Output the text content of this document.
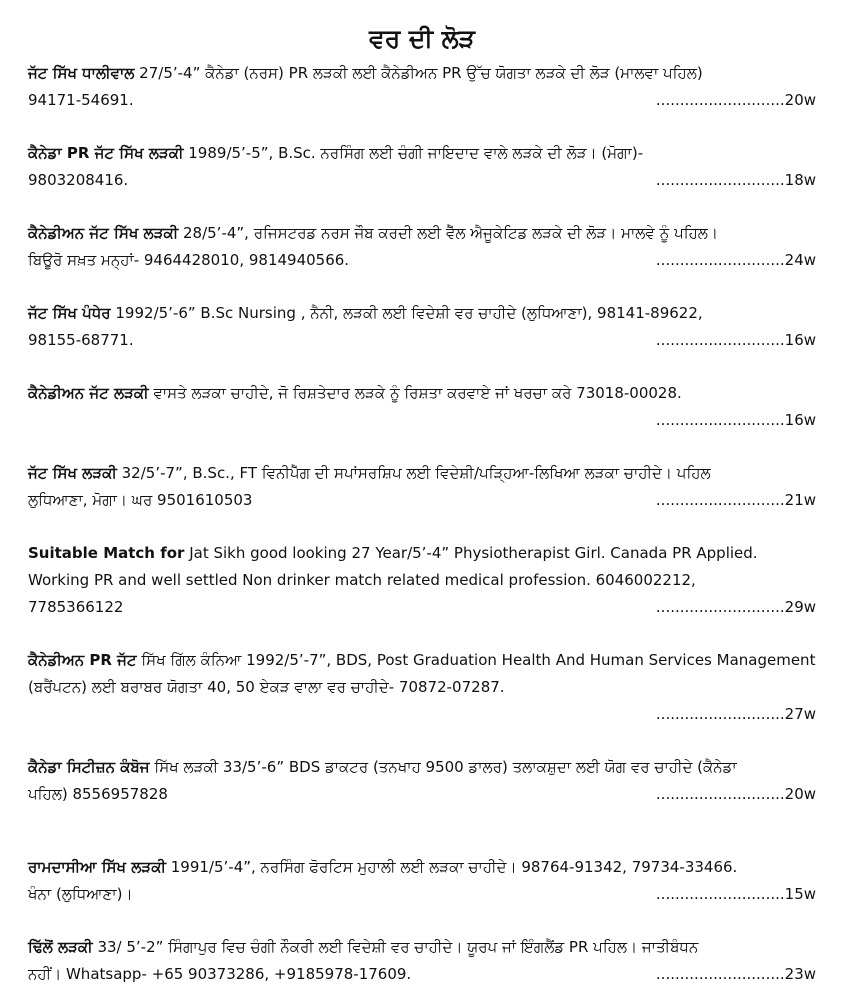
ਵਰ ਦੀ ਲੋੜ
ਜੱਟ ਸਿੱਖ ਧਾਲੀਵਾਲ 27/5’-4” ਕੈਨੇਡਾ (ਨਰਸ) PR ਲੜਕੀ ਲਈ ਕੈਨੇਡੀਅਨ PR ਉੱਚ ਯੋਗਤਾ ਲੜਕੇ ਦੀ ਲੋੜ (ਮਾਲਵਾ ਪਹਿਲ)
94171-54691.	...........................20w
ਕੈਨੇਡਾ PR ਜੱਟ ਸਿੱਖ ਲੜਕੀ 1989/5’-5”, B.Sc. ਨਰਸਿੰਗ ਲਈ ਚੰਗੀ ਜਾਇਦਾਦ ਵਾਲੇ ਲੜਕੇ ਦੀ ਲੋੜ। (ਮੋਗਾ)-
9803208416.	...........................18w
ਕੈਨੇਡੀਅਨ ਜੱਟ ਸਿੱਖ ਲੜਕੀ 28/5’-4”, ਰਜਿਸਟਰਡ ਨਰਸ ਜੌਬ ਕਰਦੀ ਲਈ ਵੈੱਲ ਐਜੂਕੇਟਿਡ ਲੜਕੇ ਦੀ ਲੋੜ। ਮਾਲਵੇ ਨੂੰ ਪਹਿਲ।
ਬਿਊਰੋ ਸਖ਼ਤ ਮਨ੍ਹਾਂ- 9464428010, 9814940566.	...........................24w
ਜੱਟ ਸਿੱਖ ਪੰਧੇਰ 1992/5’-6” B.Sc Nursing , ਨੈਨੀ, ਲੜਕੀ ਲਈ ਵਿਦੇਸ਼ੀ ਵਰ ਚਾਹੀਦੇ (ਲੁਧਿਆਣਾ), 98141-89622,
98155-68771.	...........................16w
ਕੈਨੇਡੀਅਨ ਜੱਟ ਲੜਕੀ ਵਾਸਤੇ ਲੜਕਾ ਚਾਹੀਦੇ, ਜੋ ਰਿਸ਼ਤੇਦਾਰ ਲੜਕੇ ਨੂੰ ਰਿਸ਼ਤਾ ਕਰਵਾਏ ਜਾਂ ਖਰਚਾ ਕਰੇ 73018-00028.
...........................16w
ਜੱਟ ਸਿੱਖ ਲੜਕੀ 32/5’-7”, B.Sc., FT ਵਿਨੀਪੈੱਗ ਦੀ ਸਪਾਂਸਰਸ਼ਿਪ ਲਈ ਵਿਦੇਸ਼ੀ/ਪੜ੍ਹਿਆ-ਲਿਖਿਆ ਲੜਕਾ ਚਾਹੀਦੇ। ਪਹਿਲ
ਲੁਧਿਆਣਾ, ਮੋਗਾ। ਘਰ 9501610503	...........................21w
Suitable Match for Jat Sikh good looking 27 Year/5’-4” Physiotherapist Girl. Canada PR Applied. Working PR and well settled Non drinker match related medical profession. 6046002212,
7785366122	...........................29w
ਕੈਨੇਡੀਅਨ PR ਜੱਟ ਸਿੱਖ ਗਿੱਲ ਕੰਨਿਆ 1992/5’-7”, BDS, Post Graduation Health And Human Services Management (ਬਰੈਂਪਟਨ) ਲਈ ਬਰਾਬਰ ਯੋਗਤਾ 40, 50 ਏਕੜ ਵਾਲਾ ਵਰ ਚਾਹੀਦੇ- 70872-07287.
...........................27w
ਕੈਨੇਡਾ ਸਿਟੀਜ਼ਨ ਕੰਬੋਜ ਸਿੱਖ ਲੜਕੀ 33/5’-6” BDS ਡਾਕਟਰ (ਤਨਖਾਹ 9500 ਡਾਲਰ) ਤਲਾਕਸ਼ੁਦਾ ਲਈ ਯੋਗ ਵਰ ਚਾਹੀਦੇ (ਕੈਨੇਡਾ
ਪਹਿਲ) 8556957828	...........................20w
ਰਾਮਦਾਸੀਆ ਸਿੱਖ ਲੜਕੀ 1991/5’-4”, ਨਰਸਿੰਗ ਫੋਰਟਿਸ ਮੁਹਾਲੀ ਲਈ ਲੜਕਾ ਚਾਹੀਦੇ। 98764-91342, 79734-33466.
ਖੰਨਾ (ਲੁਧਿਆਣਾ)।	...........................15w
ਢਿੱਲੋਂ ਲੜਕੀ 33/ 5’-2” ਸਿੰਗਾਪੁਰ ਵਿਚ ਚੰਗੀ ਨੌਕਰੀ ਲਈ ਵਿਦੇਸ਼ੀ ਵਰ ਚਾਹੀਦੇ। ਯੂਰਪ ਜਾਂ ਇੰਗਲੈਂਡ PR ਪਹਿਲ। ਜਾਤੀਬੰਧਨ
ਨਹੀਂ। Whatsapp- +65 90373286, +9185978-17609.	...........................23w
